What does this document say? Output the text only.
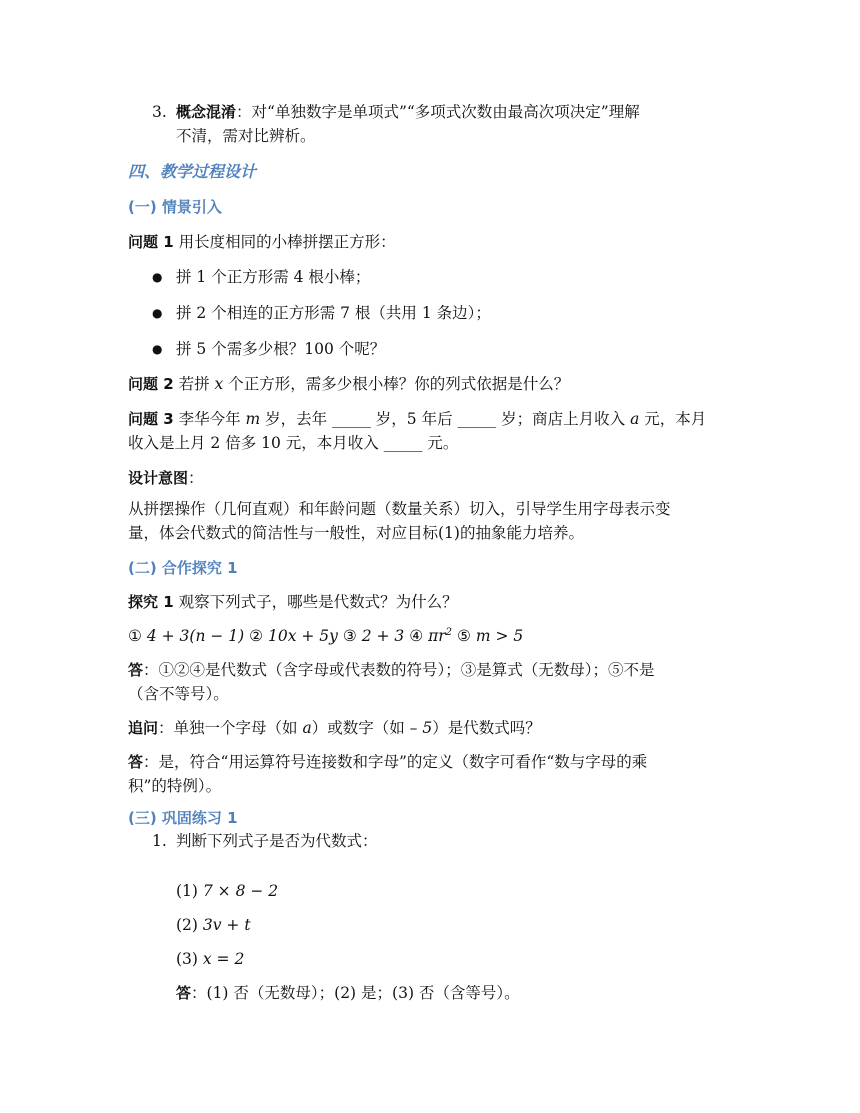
3. 概念混淆：对“单独数字是单项式”“多项式次数由最高次项决定”理解

不清，需对比辨析。

四、教学过程设计

(一) 情景引入

问题 1 用长度相同的小棒拼摆正方形：

● 拼 1 个正方形需 4 根小棒；

● 拼 2 个相连的正方形需 7 根（共用 1 条边）；

● 拼 5 个需多少根？100 个呢？

问题 2 若拼 x 个正方形，需多少根小棒？你的列式依据是什么？

问题 3 李华今年 m 岁，去年 _____ 岁，5 年后 _____ 岁；商店上月收入 a 元，本月

收入是上月 2 倍多 10 元，本月收入 _____ 元。

设计意图：

从拼摆操作（几何直观）和年龄问题（数量关系）切入，引导学生用字母表示变

量，体会代数式的简洁性与一般性，对应目标(1)的抽象能力培养。

(二) 合作探究 1

探究 1 观察下列式子，哪些是代数式？为什么？

① 4 + 3(n − 1) ② 10x + 5y ③ 2 + 3 ④ $\pi r^2$ ⑤ m > 5

答：①②④是代数式（含字母或代表数的符号）；③是算式（无数母）；⑤不是

（含不等号）。

追问：单独一个字母（如 a）或数字（如 – 5）是代数式吗？

答：是，符合“用运算符号连接数和字母”的定义（数字可看作“数与字母的乘

积”的特例）。

(三) 巩固练习 1

1. 判断下列式子是否为代数式：

(1) 7 × 8 − 2

(2) 3v + t

(3) x = 2

答：(1) 否（无数母）；(2) 是；(3) 否（含等号）。
